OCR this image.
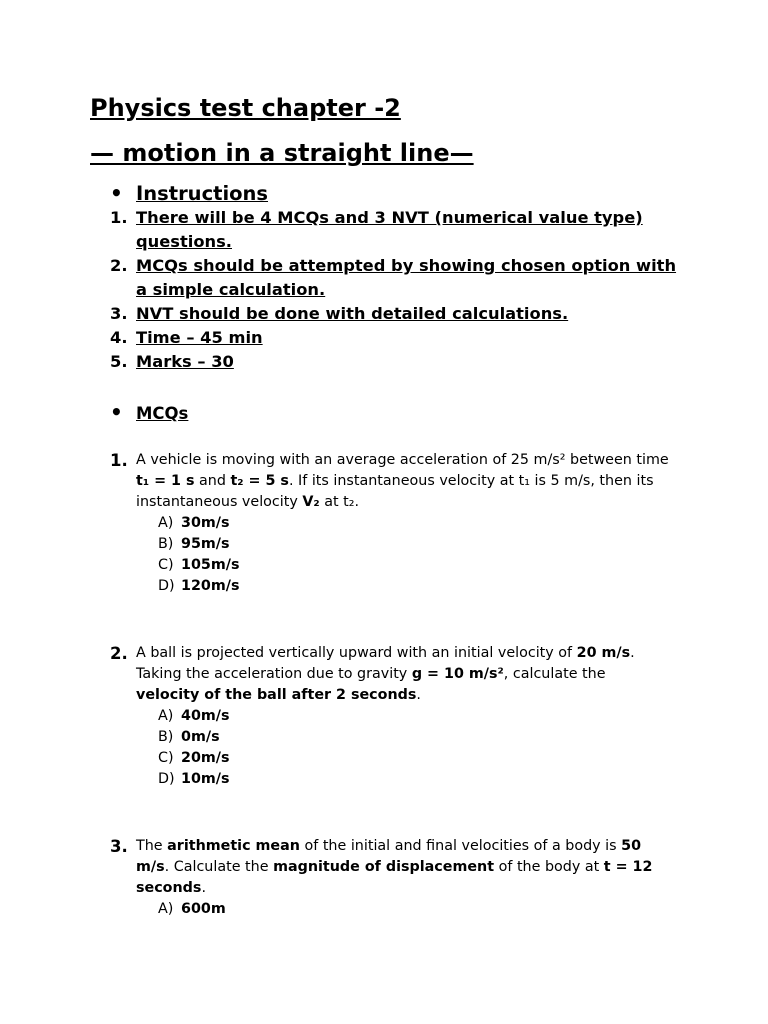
Physics test chapter -2
— motion in a straight line—
• Instructions
1. There will be 4 MCQs and 3 NVT (numerical value type) questions.
2. MCQs should be attempted by showing chosen option with a simple calculation.
3. NVT should be done with detailed calculations.
4. Time – 45 min
5. Marks – 30
• MCQs
1. A vehicle is moving with an average acceleration of 25 m/s² between time t₁ = 1 s and t₂ = 5 s. If its instantaneous velocity at t₁ is 5 m/s, then its instantaneous velocity V₂ at t₂.
A) 30m/s
B) 95m/s
C) 105m/s
D) 120m/s
2. A ball is projected vertically upward with an initial velocity of 20 m/s. Taking the acceleration due to gravity g = 10 m/s², calculate the velocity of the ball after 2 seconds.
A) 40m/s
B) 0m/s
C) 20m/s
D) 10m/s
3. The arithmetic mean of the initial and final velocities of a body is 50 m/s. Calculate the magnitude of displacement of the body at t = 12 seconds.
A) 600m
